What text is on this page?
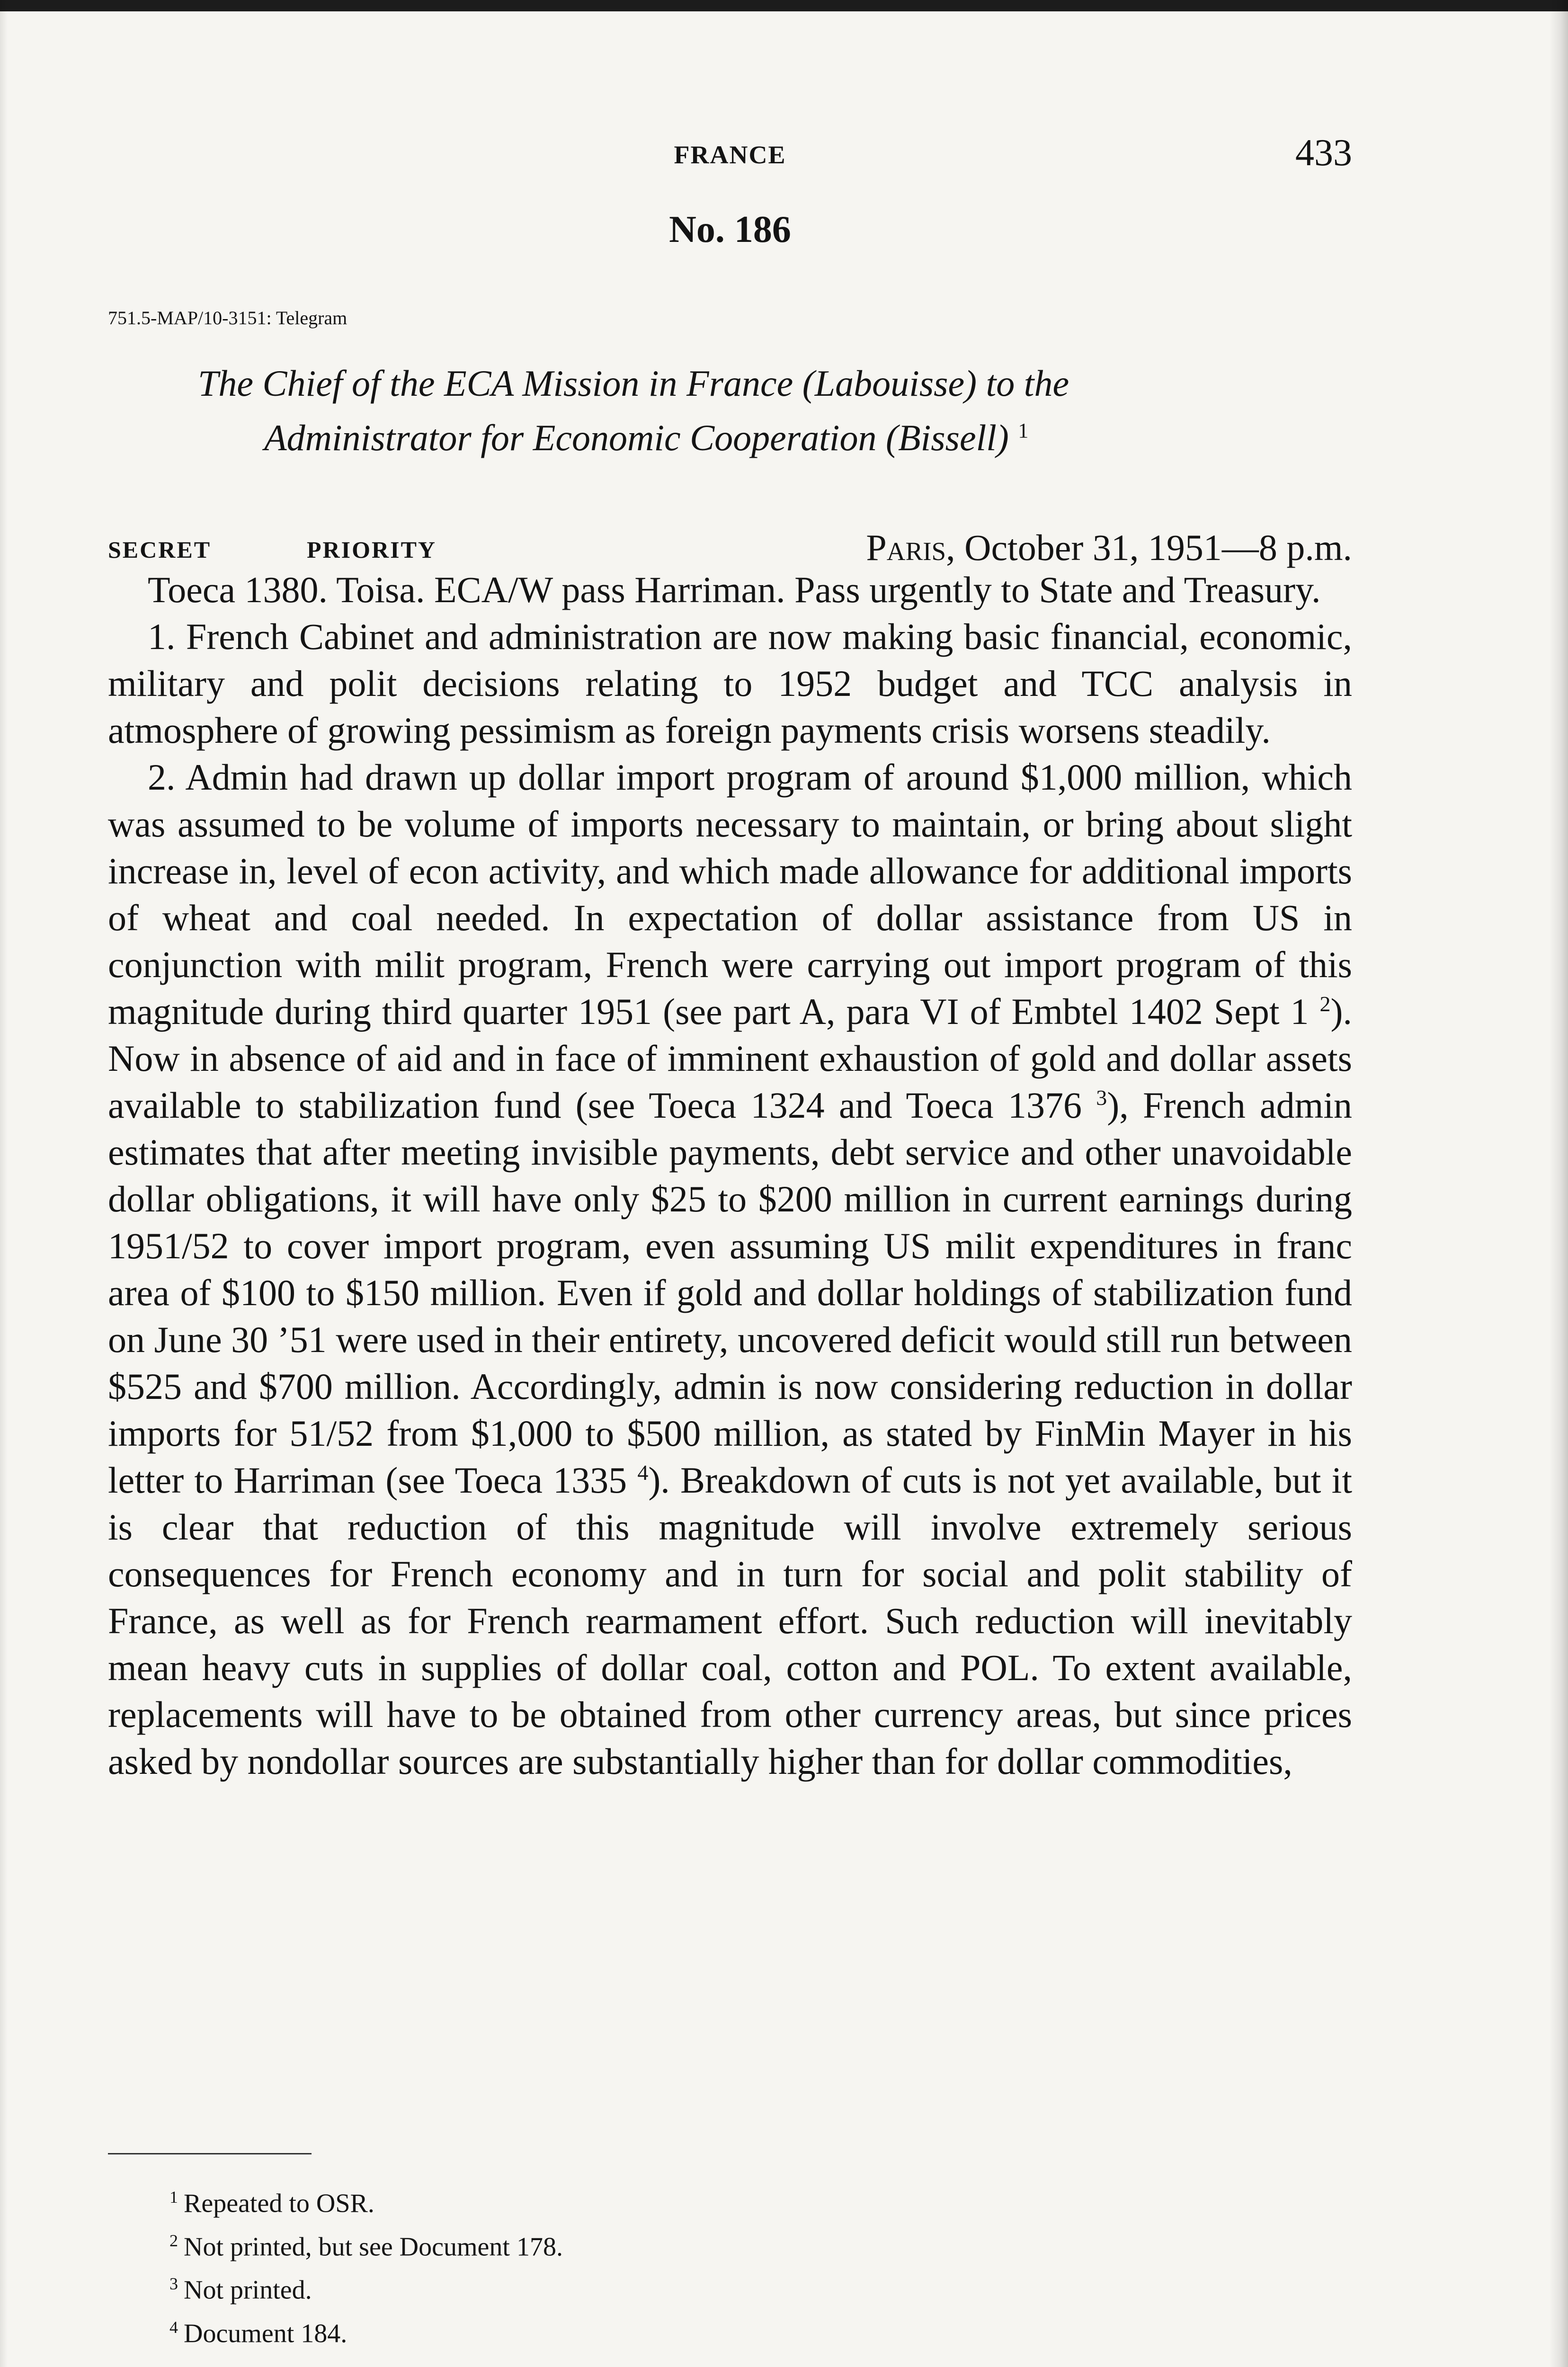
FRANCE	433
No. 186
751.5-MAP/10-3151: Telegram
The Chief of the ECA Mission in France (Labouisse) to the
Administrator for Economic Cooperation (Bissell) $^1$
SECRET	PRIORITY	Paris, October 31, 1951—8 p.m.

Toeca 1380. Toisa. ECA/W pass Harriman. Pass urgently to State and Treasury.

1. French Cabinet and administration are now making basic financial, economic, military and polit decisions relating to 1952 budget and TCC analysis in atmosphere of growing pessimism as foreign payments crisis worsens steadily.

2. Admin had drawn up dollar import program of around $1,000 million, which was assumed to be volume of imports necessary to maintain, or bring about slight increase in, level of econ activity, and which made allowance for additional imports of wheat and coal needed. In expectation of dollar assistance from US in conjunction with milit program, French were carrying out import program of this magnitude during third quarter 1951 (see part A, para VI of Embtel 1402 Sept 1 $^2$). Now in absence of aid and in face of imminent exhaustion of gold and dollar assets available to stabilization fund (see Toeca 1324 and Toeca 1376 $^3$), French admin estimates that after meeting invisible payments, debt service and other unavoidable dollar obligations, it will have only $25 to $200 million in current earnings during 1951/52 to cover import program, even assuming US milit expenditures in franc area of $100 to $150 million. Even if gold and dollar holdings of stabilization fund on June 30 ’51 were used in their entirety, uncovered deficit would still run between $525 and $700 million. Accordingly, admin is now considering reduction in dollar imports for 51/52 from $1,000 to $500 million, as stated by FinMin Mayer in his letter to Harriman (see Toeca 1335 $^4$). Breakdown of cuts is not yet available, but it is clear that reduction of this magnitude will involve extremely serious consequences for French economy and in turn for social and polit stability of France, as well as for French rearmament effort. Such reduction will inevitably mean heavy cuts in supplies of dollar coal, cotton and POL. To extent available, replacements will have to be obtained from other currency areas, but since prices asked by nondollar sources are substantially higher than for dollar commodities,

$^1$ Repeated to OSR.
$^2$ Not printed, but see Document 178.
$^3$ Not printed.
$^4$ Document 184.
